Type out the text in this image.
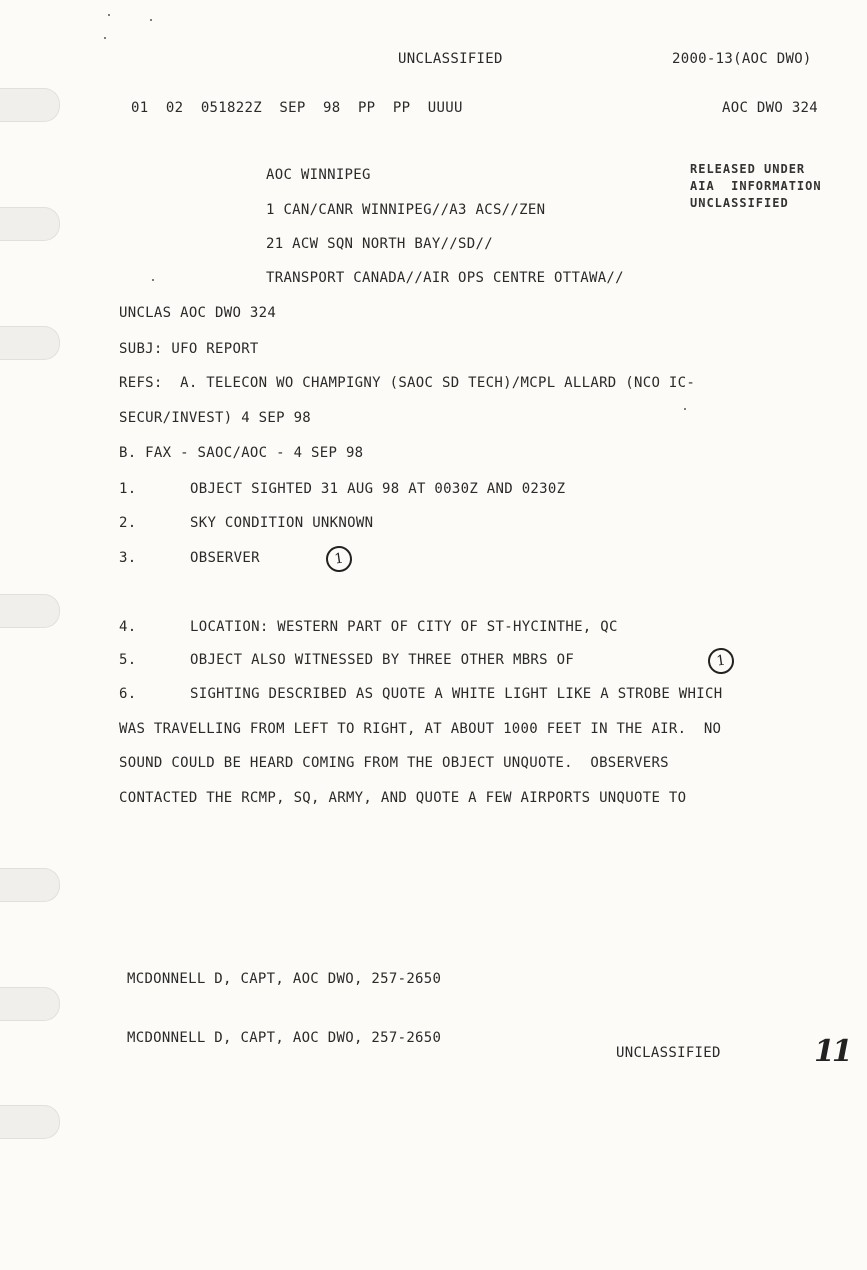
UNCLASSIFIED	2000-13(AOC DWO)
01  02  051822Z  SEP  98  PP  PP  UUUU	AOC DWO 324
RELEASED UNDER
AIA  INFORMATION
UNCLASSIFIED
AOC WINNIPEG
1 CAN/CANR WINNIPEG//A3 ACS//ZEN
21 ACW SQN NORTH BAY//SD//
TRANSPORT CANADA//AIR OPS CENTRE OTTAWA//
UNCLAS AOC DWO 324
SUBJ: UFO REPORT
REFS:  A. TELECON WO CHAMPIGNY (SAOC SD TECH)/MCPL ALLARD (NCO IC-
SECUR/INVEST) 4 SEP 98
B. FAX - SAOC/AOC - 4 SEP 98
1.	OBJECT SIGHTED 31 AUG 98 AT 0030Z AND 0230Z
2.	SKY CONDITION UNKNOWN
3.	OBSERVER	1
4.	LOCATION: WESTERN PART OF CITY OF ST-HYCINTHE, QC
5.	OBJECT ALSO WITNESSED BY THREE OTHER MBRS OF	1
6.	SIGHTING DESCRIBED AS QUOTE A WHITE LIGHT LIKE A STROBE WHICH
WAS TRAVELLING FROM LEFT TO RIGHT, AT ABOUT 1000 FEET IN THE AIR.  NO
SOUND COULD BE HEARD COMING FROM THE OBJECT UNQUOTE.  OBSERVERS
CONTACTED THE RCMP, SQ, ARMY, AND QUOTE A FEW AIRPORTS UNQUOTE TO
MCDONNELL D, CAPT, AOC DWO, 257-2650
MCDONNELL D, CAPT, AOC DWO, 257-2650
UNCLASSIFIED	11
